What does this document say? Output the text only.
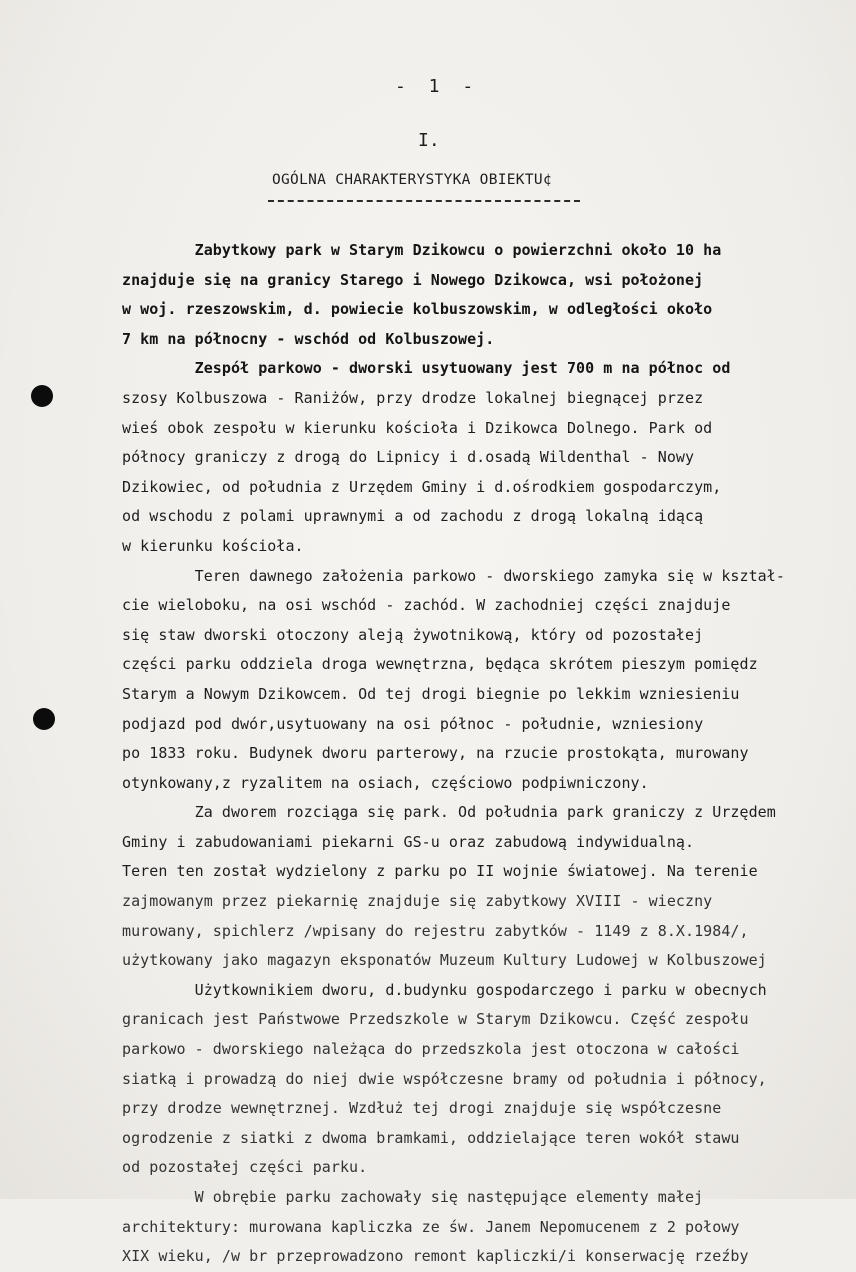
- 1 -
I.
OGÓLNA CHARAKTERYSTYKA OBIEKTU¢
Zabytkowy park w Starym Dzikowcu o powierzchni około 10 ha
znajduje się na granicy Starego i Nowego Dzikowca, wsi położonej
w woj. rzeszowskim, d. powiecie kolbuszowskim, w odległości około
7 km na północny - wschód od Kolbuszowej.
Zespół parkowo - dworski usytuowany jest 700 m na północ od
szosy Kolbuszowa - Raniżów, przy drodze lokalnej biegnącej przez
wieś obok zespołu w kierunku kościoła i Dzikowca Dolnego. Park od
północy graniczy z drogą do Lipnicy i d.osadą Wildenthal - Nowy
Dzikowiec, od południa z Urzędem Gminy i d.ośrodkiem gospodarczym,
od wschodu z polami uprawnymi a od zachodu z drogą lokalną idącą
w kierunku kościoła.
Teren dawnego założenia parkowo - dworskiego zamyka się w kształ-
cie wieloboku, na osi wschód - zachód. W zachodniej części znajduje
się staw dworski otoczony aleją żywotnikową, który od pozostałej
części parku oddziela droga wewnętrzna, będąca skrótem pieszym pomiędz
Starym a Nowym Dzikowcem. Od tej drogi biegnie po lekkim wzniesieniu
podjazd pod dwór,usytuowany na osi północ - południe, wzniesiony
po 1833 roku. Budynek dworu parterowy, na rzucie prostokąta, murowany
otynkowany,z ryzalitem na osiach, częściowo podpiwniczony.
Za dworem rozciąga się park. Od południa park graniczy z Urzędem
Gminy i zabudowaniami piekarni GS-u oraz zabudową indywidualną.
Teren ten został wydzielony z parku po II wojnie światowej. Na terenie
zajmowanym przez piekarnię znajduje się zabytkowy XVIII - wieczny
murowany, spichlerz /wpisany do rejestru zabytków - 1149 z 8.X.1984/,
użytkowany jako magazyn eksponatów Muzeum Kultury Ludowej w Kolbuszowej
Użytkownikiem dworu, d.budynku gospodarczego i parku w obecnych
granicach jest Państwowe Przedszkole w Starym Dzikowcu. Część zespołu
parkowo - dworskiego należąca do przedszkola jest otoczona w całości
siatką i prowadzą do niej dwie współczesne bramy od południa i północy,
przy drodze wewnętrznej. Wzdłuż tej drogi znajduje się współczesne
ogrodzenie z siatki z dwoma bramkami, oddzielające teren wokół stawu
od pozostałej części parku.
W obrębie parku zachowały się następujące elementy małej
architektury: murowana kapliczka ze św. Janem Nepomucenem z 2 połowy
XIX wieku, /w br przeprowadzono remont kapliczki/i konserwację rzeźby
